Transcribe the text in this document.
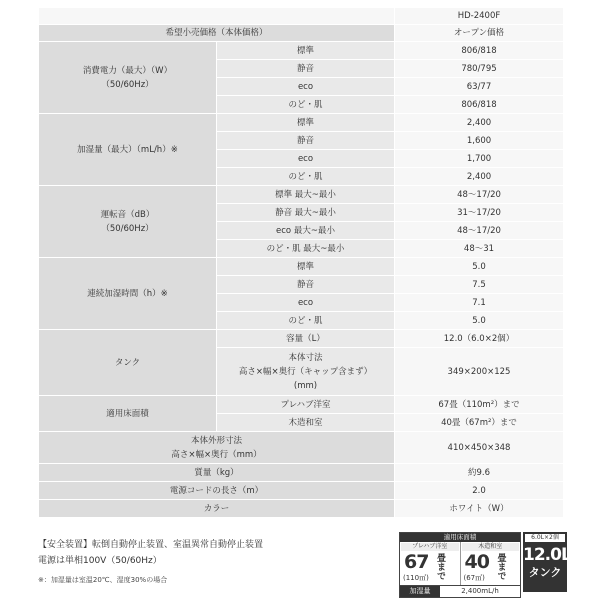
		HD-2400F
希望小売価格（本体価格）		オープン価格

消費電力（最大）（W）
（50/60Hz）	標準	806/818
	静音	780/795
	eco	63/77
	のど・肌	806/818
加湿量（最大）（mL/h）※	標準	2,400
	静音	1,600
	eco	1,700
	のど・肌	2,400

運転音（dB）
（50/60Hz）	標準 最大~最小	48～17/20
	静音 最大~最小	31～17/20
	eco 最大~最小	48～17/20
	のど・肌 最大~最小	48～31
連続加湿時間（h）※	標準	5.0
	静音	7.5
	eco	7.1
	のど・肌	5.0
タンク	容量（L）	12.0（6.0×2個）

	本体寸法
高さ×幅×奥行（キャップ含まず）
(mm)	349×200×125
適用床面積	プレハブ洋室	67畳（110m²）まで
	木造和室	40畳（67m²）まで

本体外形寸法
高さ×幅×奥行（mm）		410×450×348
質量（kg）		約9.6
電源コードの長さ（m）		2.0
カラー		ホワイト（W）
【安全装置】転倒自動停止装置、室温異常自動停止装置
電源は単相100V（50/60Hz）
※：加湿量は室温20℃、湿度30%の場合
適用床面積
プレハブ洋室
67 畳まで
(110㎡)
木造和室
40 畳まで
(67㎡)
加湿量	2,400mL/h
6.0L×2個
12.0L
タンク
